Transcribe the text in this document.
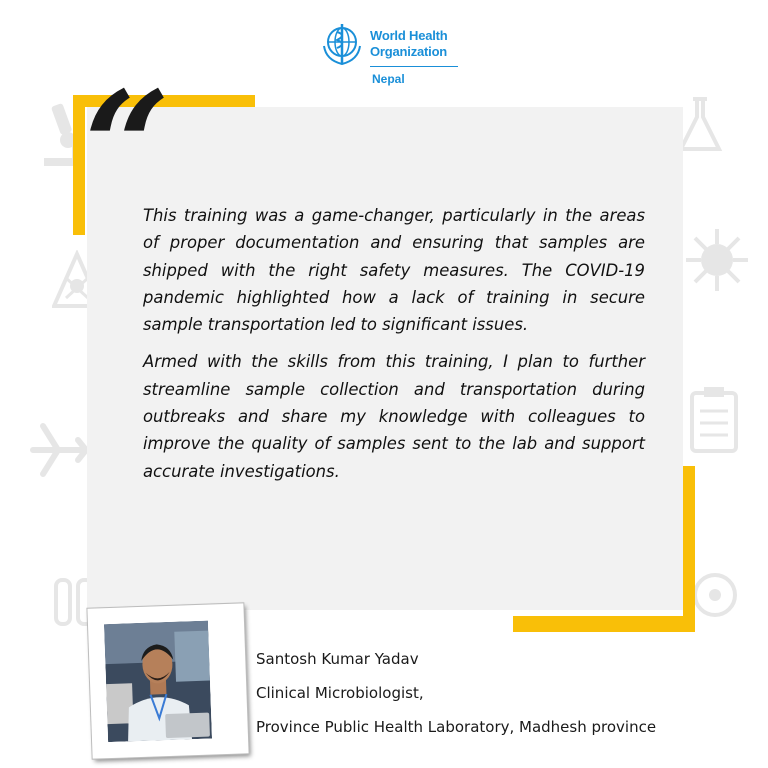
World Health
Organization
Nepal
“

This training was a game-changer, particularly in the areas of proper documentation and ensuring that samples are shipped with the right safety measures. The COVID-19 pandemic highlighted how a lack of training in secure sample transportation led to significant issues.

Armed with the skills from this training, I plan to further streamline sample collection and transportation during outbreaks and share my knowledge with colleagues to improve the quality of samples sent to the lab and support accurate investigations.

Santosh Kumar Yadav
Clinical Microbiologist,
Province Public Health Laboratory, Madhesh province
